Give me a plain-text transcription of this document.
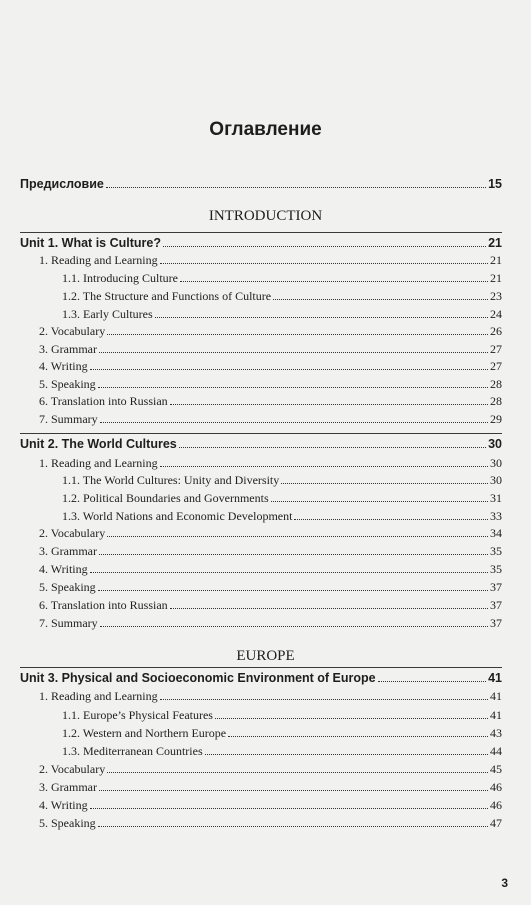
Оглавление
Предисловие	15
INTRODUCTION
Unit 1. What is Culture?	21
1. Reading and Learning	21
1.1. Introducing Culture	21
1.2. The Structure and Functions of Culture	23
1.3. Early Cultures	24
2. Vocabulary	26
3. Grammar	27
4. Writing	27
5. Speaking	28
6. Translation into Russian	28
7. Summary	29
Unit 2. The World Cultures	30
1. Reading and Learning	30
1.1. The World Cultures: Unity and Diversity	30
1.2. Political Boundaries and Governments	31
1.3. World Nations and Economic Development	33
2. Vocabulary	34
3. Grammar	35
4. Writing	35
5. Speaking	37
6. Translation into Russian	37
7. Summary	37
EUROPE
Unit 3. Physical and Socioeconomic Environment of Europe	41
1. Reading and Learning	41
1.1. Europe’s Physical Features	41
1.2. Western and Northern Europe	43
1.3. Mediterranean Countries	44
2. Vocabulary	45
3. Grammar	46
4. Writing	46
5. Speaking	47
3
